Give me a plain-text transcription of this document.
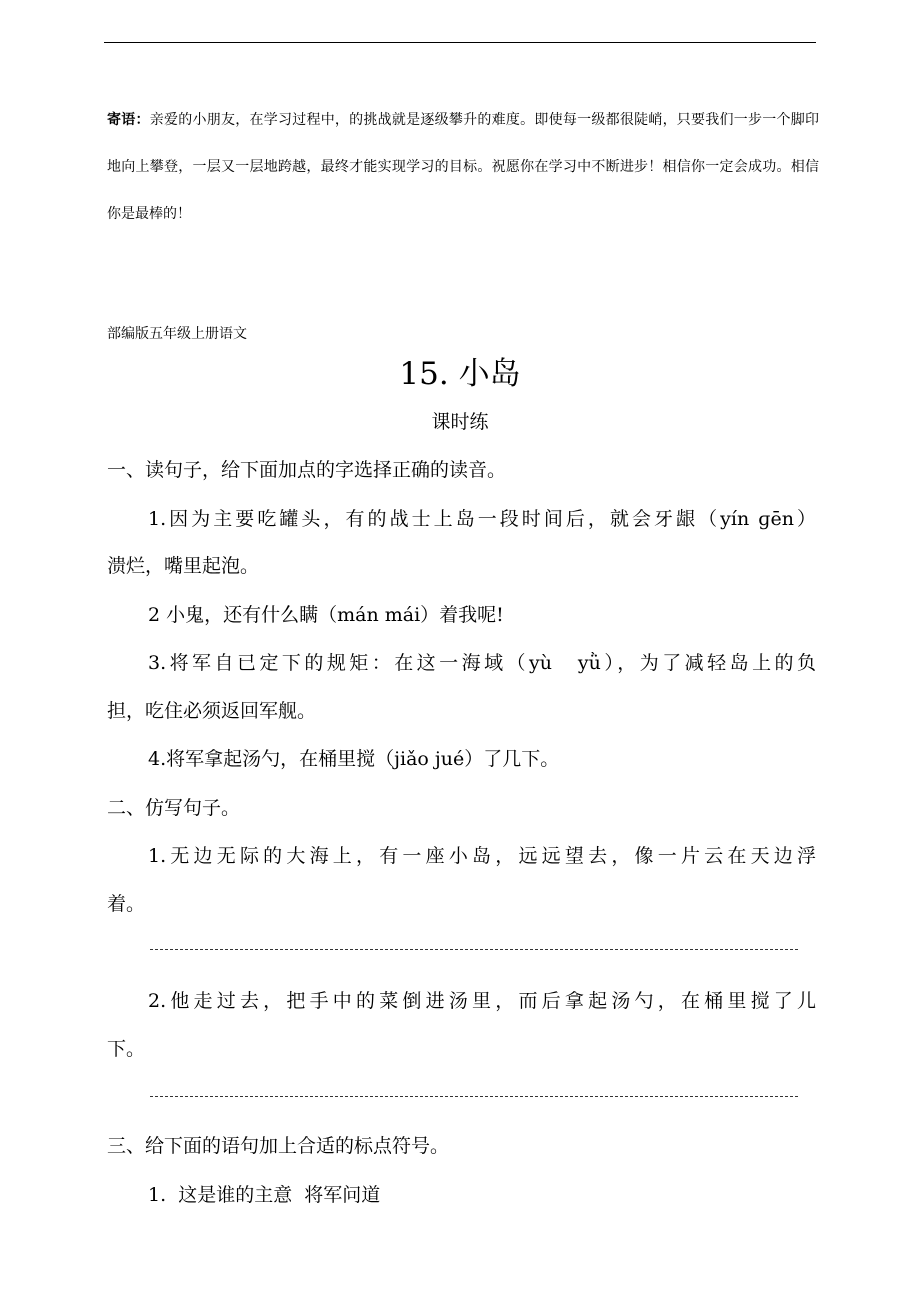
寄语：亲爱的小朋友，在学习过程中，的挑战就是逐级攀升的难度。即使每一级都很陡峭，只要我们一步一个脚印地向上攀登，一层又一层地跨越，最终才能实现学习的目标。祝愿你在学习中不断进步！相信你一定会成功。相信你是最棒的！
部编版五年级上册语文
15. 小岛
课时练
一、读句子，给下面加点的字选择正确的读音。
1.因为主要吃罐头，有的战士上岛一段时间后，就会牙龈（yín ɡēn）
溃烂，嘴里起泡。
2 小鬼，还有什么瞒（mán mái）着我呢!
3.将军自已定下的规矩：在这一海域（yù　yǜ），为了减轻岛上的负
担，吃住必须返回军舰。
4.将军拿起汤勺，在桶里搅（jiǎo jué）了几下。
二、仿写句子。
1.无边无际的大海上，有一座小岛，远远望去，像一片云在天边浮
着。
2.他走过去，把手中的菜倒进汤里，而后拿起汤勺，在桶里搅了儿
下。
三、给下面的语句加上合适的标点符号。
1.  这是谁的主意  将军问道
